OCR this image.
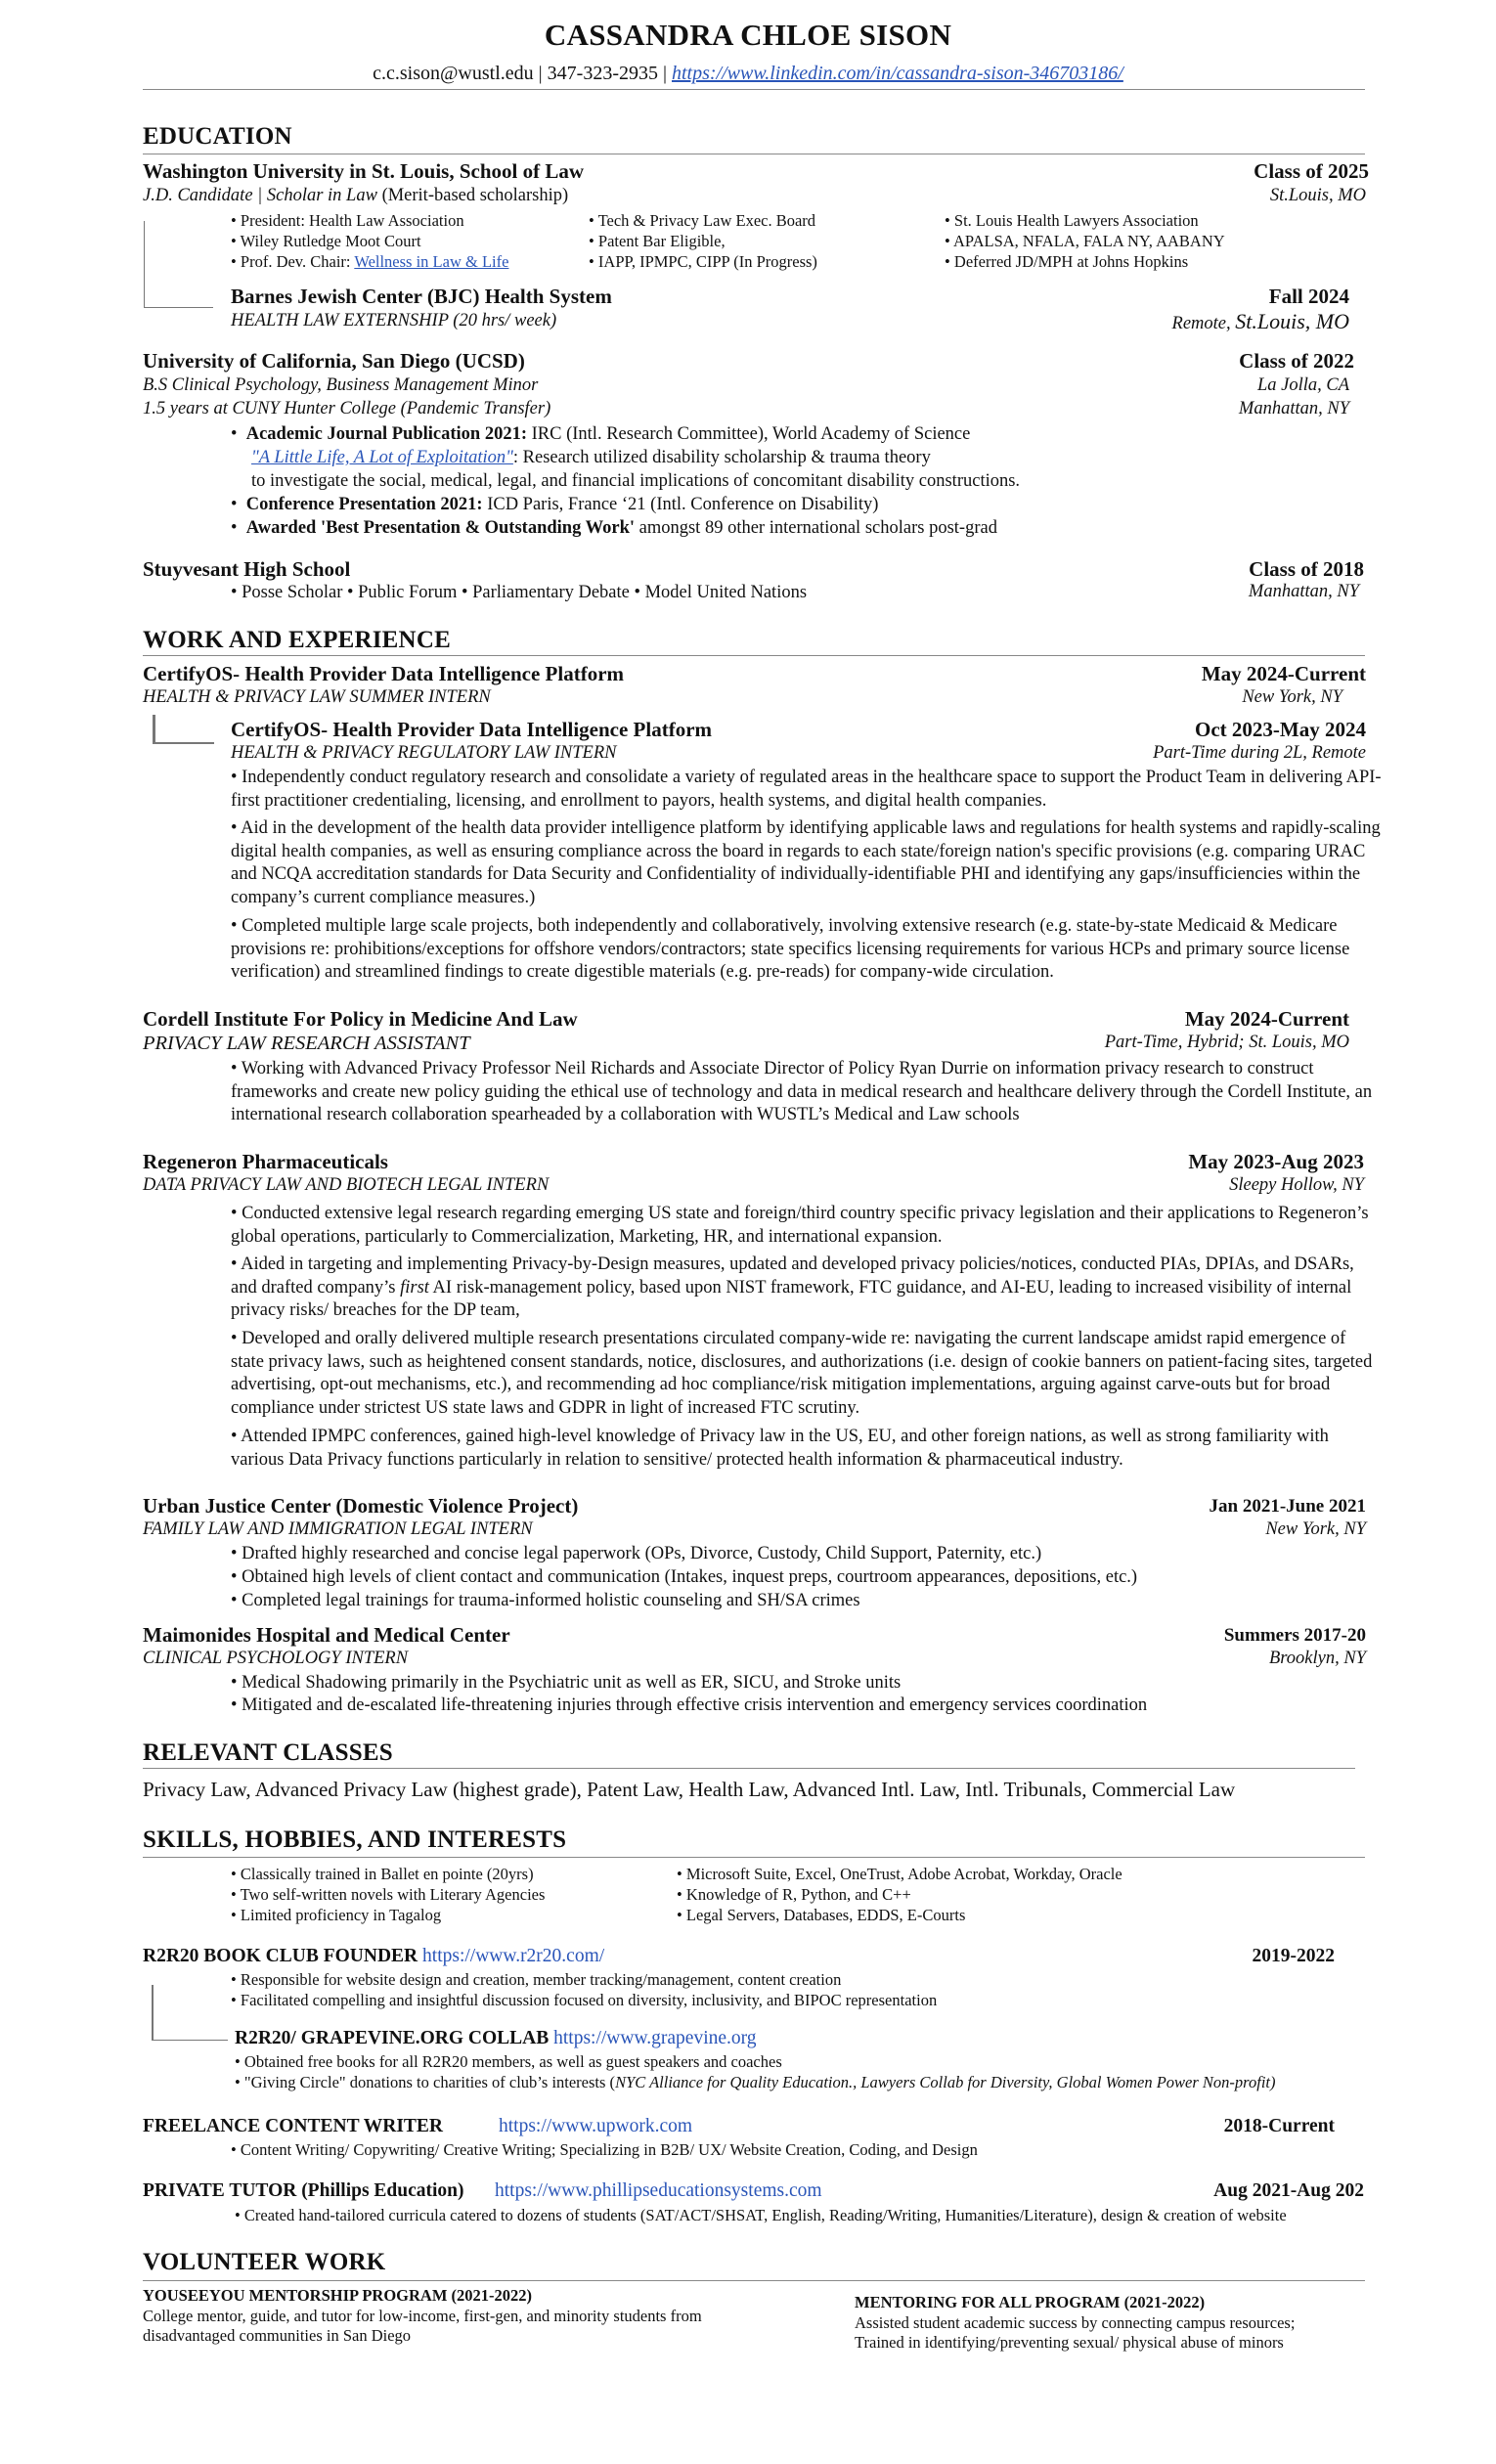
CASSANDRA CHLOE SISON
c.c.sison@wustl.edu | 347-323-2935 | https://www.linkedin.com/in/cassandra-sison-346703186/
EDUCATION
Washington University in St. Louis, School of Law	Class of 2025
J.D. Candidate | Scholar in Law (Merit-based scholarship)	St.Louis, MO
• President: Health Law Association
• Wiley Rutledge Moot Court
• Prof. Dev. Chair: Wellness in Law & Life
• Tech & Privacy Law Exec. Board
• Patent Bar Eligible,
• IAPP, IPMPC, CIPP (In Progress)
• St. Louis Health Lawyers Association
• APALSA, NFALA, FALA NY, AABANY
• Deferred JD/MPH at Johns Hopkins
Barnes Jewish Center (BJC) Health System	Fall 2024
HEALTH LAW EXTERNSHIP (20 hrs/ week)	Remote, St.Louis, MO
University of California, San Diego (UCSD)	Class of 2022
B.S Clinical Psychology, Business Management Minor	La Jolla, CA
1.5 years at CUNY Hunter College (Pandemic Transfer)	Manhattan, NY
•  Academic Journal Publication 2021: IRC (Intl. Research Committee), World Academy of Science
"A Little Life, A Lot of Exploitation": Research utilized disability scholarship & trauma theory
to investigate the social, medical, legal, and financial implications of concomitant disability constructions.
•  Conference Presentation 2021: ICD Paris, France ‘21 (Intl. Conference on Disability)
•  Awarded 'Best Presentation & Outstanding Work' amongst 89 other international scholars post-grad
Stuyvesant High School	Class of 2018
• Posse Scholar • Public Forum • Parliamentary Debate • Model United Nations	Manhattan, NY
WORK AND EXPERIENCE
CertifyOS- Health Provider Data Intelligence Platform	May 2024-Current
HEALTH & PRIVACY LAW SUMMER INTERN	New York, NY
CertifyOS- Health Provider Data Intelligence Platform	Oct 2023-May 2024
HEALTH & PRIVACY REGULATORY LAW INTERN	Part-Time during 2L, Remote
• Independently conduct regulatory research and consolidate a variety of regulated areas in the healthcare space to support the Product Team in delivering API-first practitioner credentialing, licensing, and enrollment to payors, health systems, and digital health companies.
• Aid in the development of the health data provider intelligence platform by identifying applicable laws and regulations for health systems and rapidly-scaling digital health companies, as well as ensuring compliance across the board in regards to each state/foreign nation's specific provisions (e.g. comparing URAC and NCQA accreditation standards for Data Security and Confidentiality of individually-identifiable PHI and identifying any gaps/insufficiencies within the company’s current compliance measures.)
• Completed multiple large scale projects, both independently and collaboratively, involving extensive research (e.g. state-by-state Medicaid & Medicare provisions re: prohibitions/exceptions for offshore vendors/contractors; state specifics licensing requirements for various HCPs and primary source license verification) and streamlined findings to create digestible materials (e.g. pre-reads) for company-wide circulation.
Cordell Institute For Policy in Medicine And Law	May 2024-Current
PRIVACY LAW RESEARCH ASSISTANT	Part-Time, Hybrid; St. Louis, MO
• Working with Advanced Privacy Professor Neil Richards and Associate Director of Policy Ryan Durrie on information privacy research to construct frameworks and create new policy guiding the ethical use of technology and data in medical research and healthcare delivery through the Cordell Institute, an international research collaboration spearheaded by a collaboration with WUSTL’s Medical and Law schools
Regeneron Pharmaceuticals	May 2023-Aug 2023
DATA PRIVACY LAW AND BIOTECH LEGAL INTERN	Sleepy Hollow, NY
• Conducted extensive legal research regarding emerging US state and foreign/third country specific privacy legislation and their applications to Regeneron’s global operations, particularly to Commercialization, Marketing, HR, and international expansion.
• Aided in targeting and implementing Privacy-by-Design measures, updated and developed privacy policies/notices, conducted PIAs, DPIAs, and DSARs, and drafted company’s first AI risk-management policy, based upon NIST framework, FTC guidance, and AI-EU, leading to increased visibility of internal privacy risks/ breaches for the DP team,
• Developed and orally delivered multiple research presentations circulated company-wide re: navigating the current landscape amidst rapid emergence of state privacy laws, such as heightened consent standards, notice, disclosures, and authorizations (i.e. design of cookie banners on patient-facing sites, targeted advertising, opt-out mechanisms, etc.), and recommending ad hoc compliance/risk mitigation implementations, arguing against carve-outs but for broad compliance under strictest US state laws and GDPR in light of increased FTC scrutiny.
• Attended IPMPC conferences, gained high-level knowledge of Privacy law in the US, EU, and other foreign nations, as well as strong familiarity with various Data Privacy functions particularly in relation to sensitive/ protected health information & pharmaceutical industry.
Urban Justice Center (Domestic Violence Project)	Jan 2021-June 2021
FAMILY LAW AND IMMIGRATION LEGAL INTERN	New York, NY
• Drafted highly researched and concise legal paperwork (OPs, Divorce, Custody, Child Support, Paternity, etc.)
• Obtained high levels of client contact and communication (Intakes, inquest preps, courtroom appearances, depositions, etc.)
• Completed legal trainings for trauma-informed holistic counseling and SH/SA crimes
Maimonides Hospital and Medical Center	Summers 2017-20
CLINICAL PSYCHOLOGY INTERN	Brooklyn, NY
• Medical Shadowing primarily in the Psychiatric unit as well as ER, SICU, and Stroke units
• Mitigated and de-escalated life-threatening injuries through effective crisis intervention and emergency services coordination
RELEVANT CLASSES
Privacy Law, Advanced Privacy Law (highest grade), Patent Law, Health Law, Advanced Intl. Law, Intl. Tribunals, Commercial Law
SKILLS, HOBBIES, AND INTERESTS
• Classically trained in Ballet en pointe (20yrs)
• Two self-written novels with Literary Agencies
• Limited proficiency in Tagalog
• Microsoft Suite, Excel, OneTrust, Adobe Acrobat, Workday, Oracle
• Knowledge of R, Python, and C++
• Legal Servers, Databases, EDDS, E-Courts
R2R20 BOOK CLUB FOUNDER https://www.r2r20.com/	2019-2022
• Responsible for website design and creation, member tracking/management, content creation
• Facilitated compelling and insightful discussion focused on diversity, inclusivity, and BIPOC representation
R2R20/ GRAPEVINE.ORG COLLAB https://www.grapevine.org
• Obtained free books for all R2R20 members, as well as guest speakers and coaches
• "Giving Circle" donations to charities of club’s interests (NYC Alliance for Quality Education., Lawyers Collab for Diversity, Global Women Power Non-profit)
FREELANCE CONTENT WRITER	https://www.upwork.com	2018-Current
• Content Writing/ Copywriting/ Creative Writing; Specializing in B2B/ UX/ Website Creation, Coding, and Design
PRIVATE TUTOR (Phillips Education) https://www.phillipseducationsystems.com	Aug 2021-Aug 202
• Created hand-tailored curricula catered to dozens of students (SAT/ACT/SHSAT, English, Reading/Writing, Humanities/Literature), design & creation of website
VOLUNTEER WORK
YOUSEEYOU MENTORSHIP PROGRAM (2021-2022)
College mentor, guide, and tutor for low-income, first-gen, and minority students from
disadvantaged communities in San Diego
MENTORING FOR ALL PROGRAM (2021-2022)
Assisted student academic success by connecting campus resources;
Trained in identifying/preventing sexual/ physical abuse of minors
